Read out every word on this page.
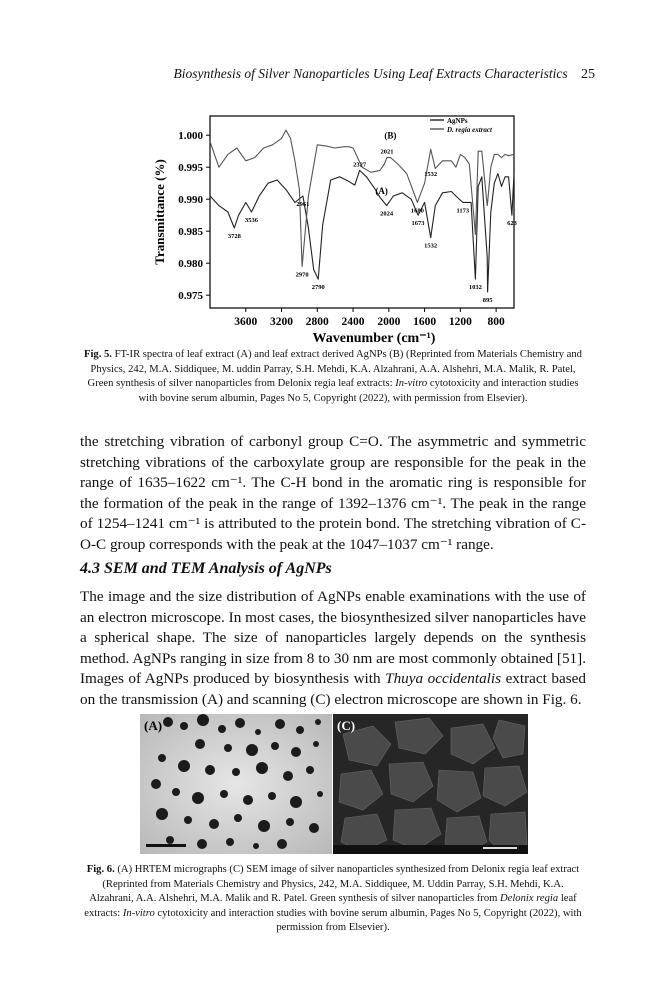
Biosynthesis of Silver Nanoparticles Using Leaf Extracts Characteristics 25
1.000
0.995
0.990
0.985
0.980
0.975
3600 3200 2800 2400 2000 1600 1200 800
Wavenumber (cm⁻¹)
Transmittance (%)
(B)
(A)
3728
3536
2961
2970
2790
2327
2021
2024
1532
1680
1673
1532
1173
1032
895
623
AgNPs
D. regia extract
Fig. 5. FT-IR spectra of leaf extract (A) and leaf extract derived AgNPs (B) (Reprinted from Materials Chemistry and Physics, 242, M.A. Siddiquee, M. uddin Parray, S.H. Mehdi, K.A. Alzahrani, A.A. Alshehri, M.A. Malik, R. Patel, Green synthesis of silver nanoparticles from Delonix regia leaf extracts: In-vitro cytotoxicity and interaction studies with bovine serum albumin, Pages No 5, Copyright (2022), with permission from Elsevier).
the stretching vibration of carbonyl group C=O. The asymmetric and symmetric stretching vibrations of the carboxylate group are responsible for the peak in the range of 1635–1622 cm⁻¹. The C-H bond in the aromatic ring is responsible for the formation of the peak in the range of 1392–1376 cm⁻¹. The peak in the range of 1254–1241 cm⁻¹ is attributed to the protein bond. The stretching vibration of C-O-C group corresponds with the peak at the 1047–1037 cm⁻¹ range.
4.3 SEM and TEM Analysis of AgNPs
The image and the size distribution of AgNPs enable examinations with the use of an electron microscope. In most cases, the biosynthesized silver nanoparticles have a spherical shape. The size of nanoparticles largely depends on the synthesis method. AgNPs ranging in size from 8 to 30 nm are most commonly obtained [51]. Images of AgNPs produced by biosynthesis with Thuya occidentalis extract based on the transmission (A) and scanning (C) electron microscope are shown in Fig. 6.
(A)	(C)
Fig. 6. (A) HRTEM micrographs (C) SEM image of silver nanoparticles synthesized from Delonix regia leaf extract (Reprinted from Materials Chemistry and Physics, 242, M.A. Siddiquee, M. Uddin Parray, S.H. Mehdi, K.A. Alzahrani, A.A. Alshehri, M.A. Malik and R. Patel. Green synthesis of silver nanoparticles from Delonix regia leaf extracts: In-vitro cytotoxicity and interaction studies with bovine serum albumin, Pages No 5, Copyright (2022), with permission from Elsevier).
